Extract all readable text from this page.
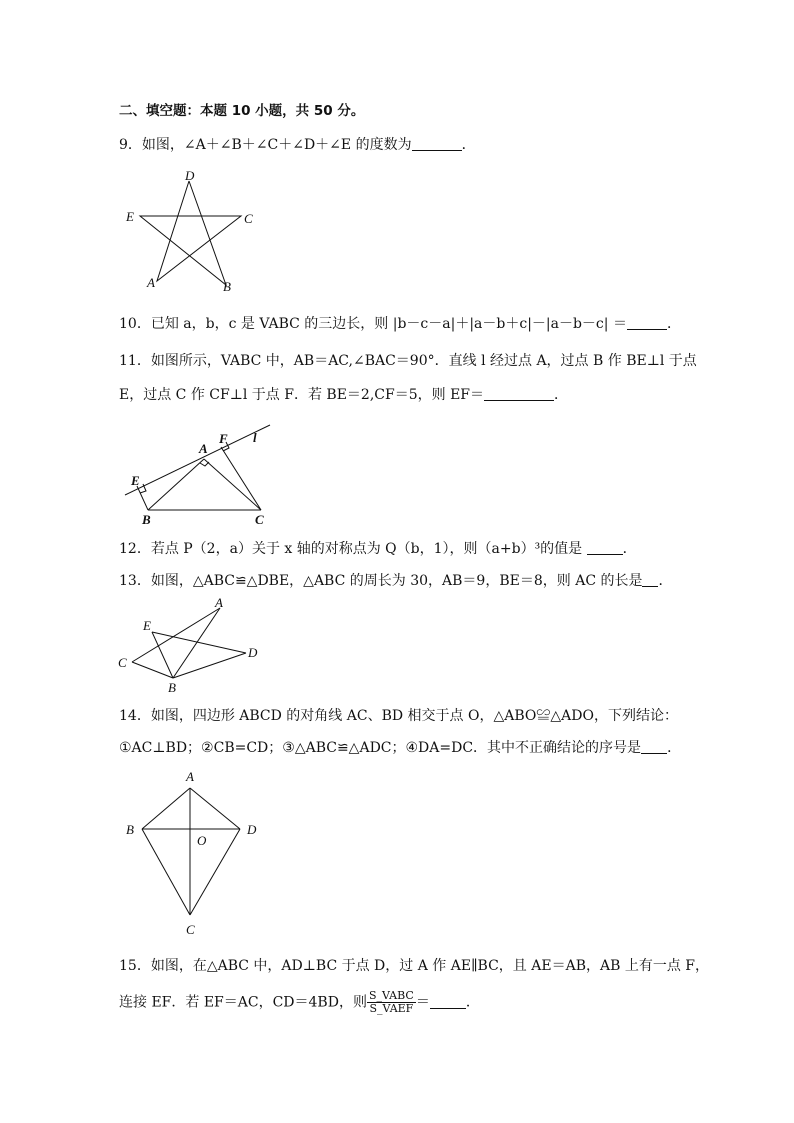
二、填空题：本题 10 小题，共 50 分。
9．如图，∠A＋∠B＋∠C＋∠D＋∠E 的度数为	．
D
E	C
A	B
10．已知 a，b，c 是 VABC 的三边长，则 |b－c－a|＋|a－b＋c|－|a－b－c| ＝	．
11．如图所示，VABC 中，AB＝AC,∠BAC＝90°．直线 l 经过点 A，过点 B 作 BE⊥l 于点
E，过点 C 作 CF⊥l 于点 F．若 BE＝2,CF＝5，则 EF＝	．
A
F l
E
B	C
12．若点 P（2，a）关于 x 轴的对称点为 Q（b，1），则（a+b）³的值是	．
13．如图，△ABC≌△DBE，△ABC 的周长为 30，AB＝9，BE＝8，则 AC 的长是 ．
A
E
C
D
B
14．如图，四边形 ABCD 的对角线 AC、BD 相交于点 O，△ABO≌△ADO，下列结论：
①AC⊥BD；②CB=CD；③△ABC≌△ADC；④DA=DC．其中不正确结论的序号是 ．
A
B
O
D
C
15．如图，在△ABC 中，AD⊥BC 于点 D，过 A 作 AE∥BC，且 AE＝AB，AB 上有一点 F，
连接 EF．若 EF＝AC，CD＝4BD，则 $\frac{\text{S\_VABC}}{\text{S\_VAEF}}$ ＝	．
